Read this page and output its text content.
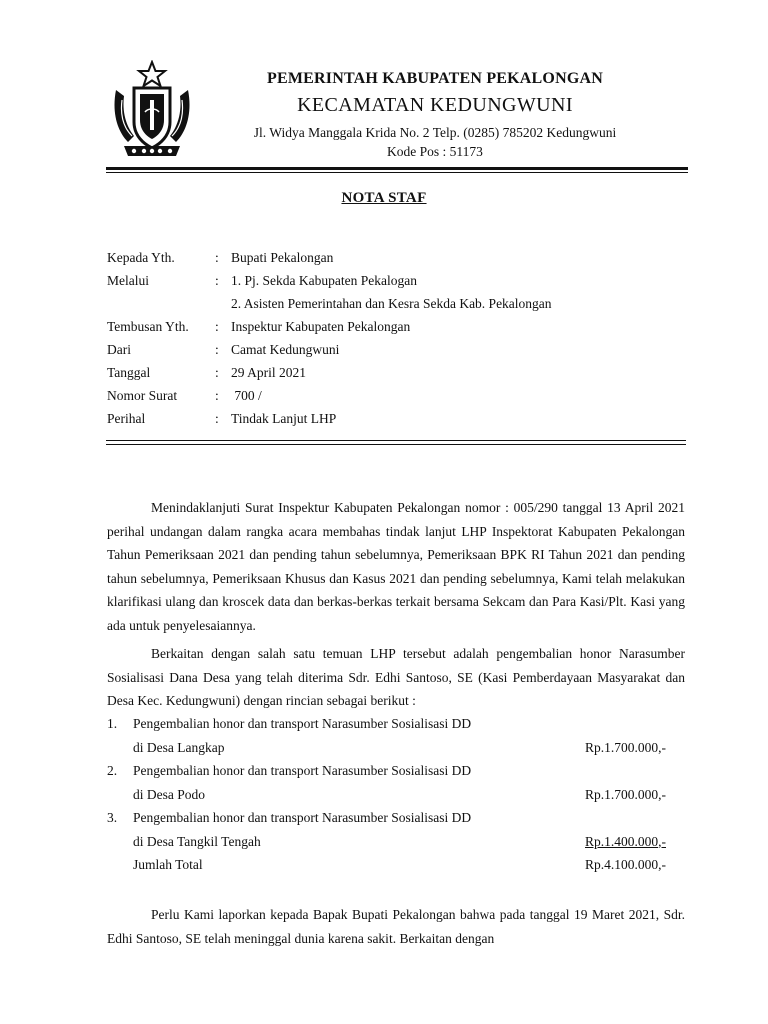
PEMERINTAH KABUPATEN PEKALONGAN
KECAMATAN KEDUNGWUNI
Jl. Widya Manggala Krida No. 2 Telp. (0285) 785202 Kedungwuni
Kode Pos : 51173
NOTA STAF
Kepada Yth.	: Bupati Pekalongan
Melalui	: 1. Pj. Sekda Kabupaten Pekalogan
2. Asisten Pemerintahan dan Kesra Sekda Kab. Pekalongan
Tembusan Yth.	: Inspektur Kabupaten Pekalongan
Dari	: Camat Kedungwuni
Tanggal	: 29 April 2021
Nomor Surat	: 700 /
Perihal	: Tindak Lanjut LHP
Menindaklanjuti Surat Inspektur Kabupaten Pekalongan nomor : 005/290 tanggal 13 April 2021 perihal undangan dalam rangka acara membahas tindak lanjut LHP Inspektorat Kabupaten Pekalongan Tahun Pemeriksaan 2021 dan pending tahun sebelumnya, Pemeriksaan BPK RI Tahun 2021 dan pending tahun sebelumnya, Pemeriksaan Khusus dan Kasus 2021 dan pending sebelumnya, Kami telah melakukan klarifikasi ulang dan kroscek data dan berkas-berkas terkait bersama Sekcam dan Para Kasi/Plt. Kasi yang ada untuk penyelesaiannya.
Berkaitan dengan salah satu temuan LHP tersebut adalah pengembalian honor Narasumber Sosialisasi Dana Desa yang telah diterima Sdr. Edhi Santoso, SE (Kasi Pemberdayaan Masyarakat dan Desa Kec. Kedungwuni) dengan rincian sebagai berikut :
1.	Pengembalian honor dan transport Narasumber Sosialisasi DD
di Desa Langkap	Rp.1.700.000,-
2.	Pengembalian honor dan transport Narasumber Sosialisasi DD
di Desa Podo	Rp.1.700.000,-
3.	Pengembalian honor dan transport Narasumber Sosialisasi DD
di Desa Tangkil Tengah	Rp.1.400.000,-
Jumlah Total	Rp.4.100.000,-
Perlu Kami laporkan kepada Bapak Bupati Pekalongan bahwa pada tanggal 19 Maret 2021, Sdr. Edhi Santoso, SE telah meninggal dunia karena sakit. Berkaitan dengan
